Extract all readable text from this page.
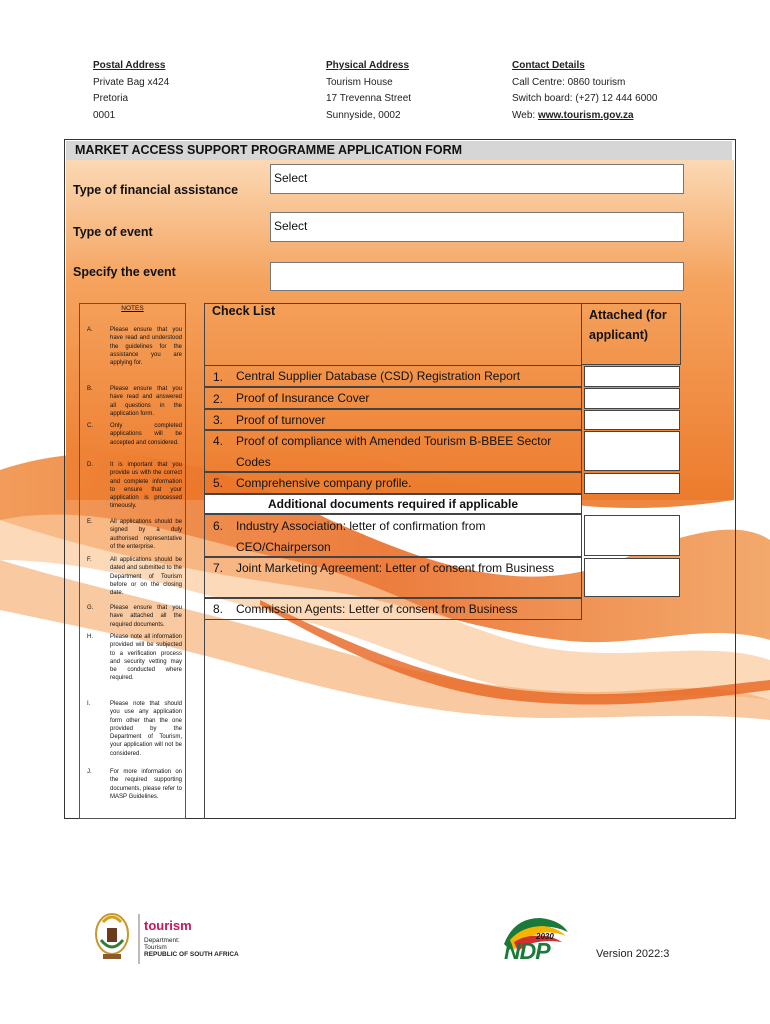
Postal Address
Private Bag x424
Pretoria
0001
Physical Address
Tourism House
17 Trevenna Street
Sunnyside, 0002
Contact Details
Call Centre: 0860 tourism
Switch board: (+27) 12 444 6000
Web: www.tourism.gov.za
MARKET ACCESS SUPPORT PROGRAMME APPLICATION FORM
Type of financial assistance
Select
Type of event	Select
Specify the event
NOTES
A.	Please ensure that you have read and understood the guidelines for the assistance you are applying for.
B.	Please ensure that you have read and answered all questions in the application form.
C.	Only completed applications will be accepted and considered.
D.	It is important that you provide us with the correct and complete information to ensure that your application is processed timeously.
E.	All applications should be signed by a duly authorised representative of the enterprise.
F.	All applications should be dated and submitted to the Department of Tourism before or on the closing date.
G.	Please ensure that you have attached all the required documents.
H.	Please note all information provided will be subjected to a verification process and security vetting may be conducted where required.
I.	Please note that should you use any application form other than the one provided by the Department of Tourism, your application will not be considered.
J.	For more information on the required supporting documents, please refer to MASP Guidelines.
Check List	Attached (for applicant)
1. Central Supplier Database (CSD) Registration Report
2. Proof of Insurance Cover
3. Proof of turnover
4. Proof of compliance with Amended Tourism B-BBEE Sector Codes
5. Comprehensive company profile.
Additional documents required if applicable
6. Industry Association: letter of confirmation from CEO/Chairperson
7. Joint Marketing Agreement: Letter of consent from Business
8. Commission Agents: Letter of consent from Business
tourism
Department:
Tourism
REPUBLIC OF SOUTH AFRICA
2030
NDP	Version 2022:3
